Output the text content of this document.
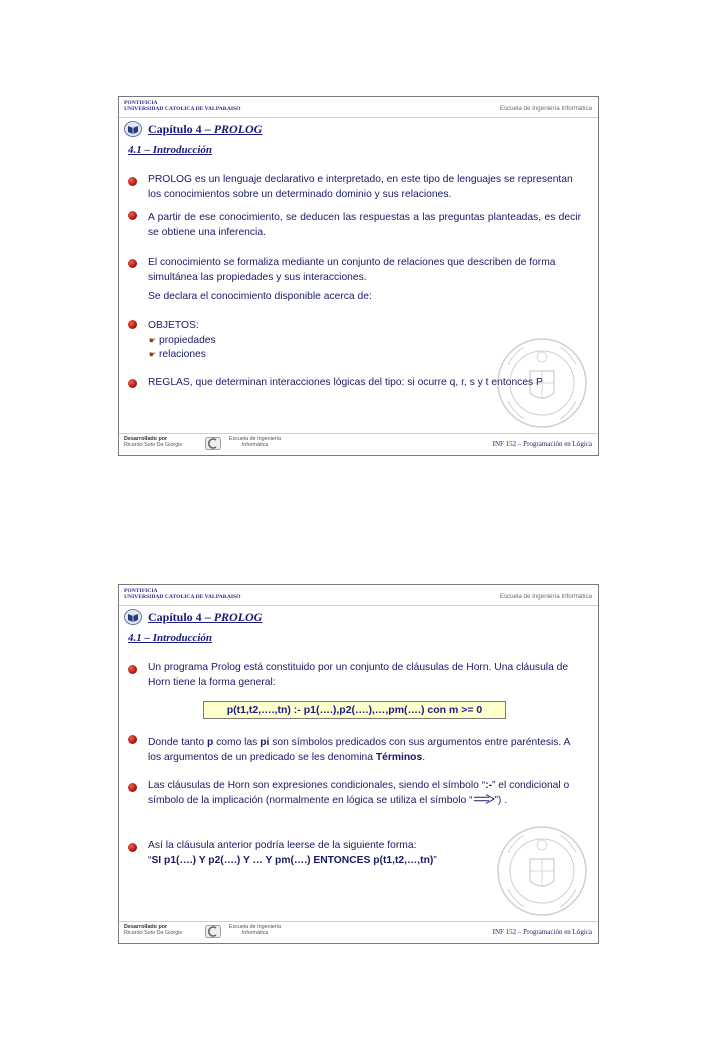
PONTIFICIA
UNIVERSIDAD CATOLICA DE VALPARAISO	Escuela de Ingeniería Informática
Capítulo 4 – PROLOG
4.1 – Introducción
PROLOG es un lenguaje declarativo e interpretado, en este tipo de lenguajes se representan los conocimientos sobre un determinado dominio y sus relaciones.
A partir de ese conocimiento, se deducen las respuestas a las preguntas planteadas, es decir se obtiene una inferencia.
El conocimiento se formaliza mediante un conjunto de relaciones que describen de forma simultánea las propiedades y sus interacciones.
Se declara el conocimiento disponible acerca de:
OBJETOS:
☛ propiedades
☛ relaciones
REGLAS, que determinan interacciones lógicas del tipo: si ocurre q, r, s y t entonces P
Desarrollado por
Ricardo Soto De Giorgis
Escuela de Ingeniería
Informática	INF 152 – Programación en Lógica
PONTIFICIA
UNIVERSIDAD CATOLICA DE VALPARAISO	Escuela de Ingeniería Informática
Capítulo 4 – PROLOG
4.1 – Introducción
Un programa Prolog está constituido por un conjunto de cláusulas de Horn. Una cláusula de Horn tiene la forma general:
p(t1,t2,….,tn) :- p1(….),p2(….),…,pm(….) con m >= 0
Donde tanto p como las pi son símbolos predicados con sus argumentos entre paréntesis. A los argumentos de un predicado se les denomina Términos.
Las cláusulas de Horn son expresiones condicionales, siendo el símbolo “:-” el condicional o símbolo de la implicación (normalmente en lógica se utiliza el símbolo “ ”) .
Así la cláusula anterior podría leerse de la siguiente forma:
“SI p1(….) Y p2(….) Y … Y pm(….) ENTONCES p(t1,t2,…,tn)”
Desarrollado por
Ricardo Soto De Giorgis
Escuela de Ingeniería
Informática	INF 152 – Programación en Lógica
